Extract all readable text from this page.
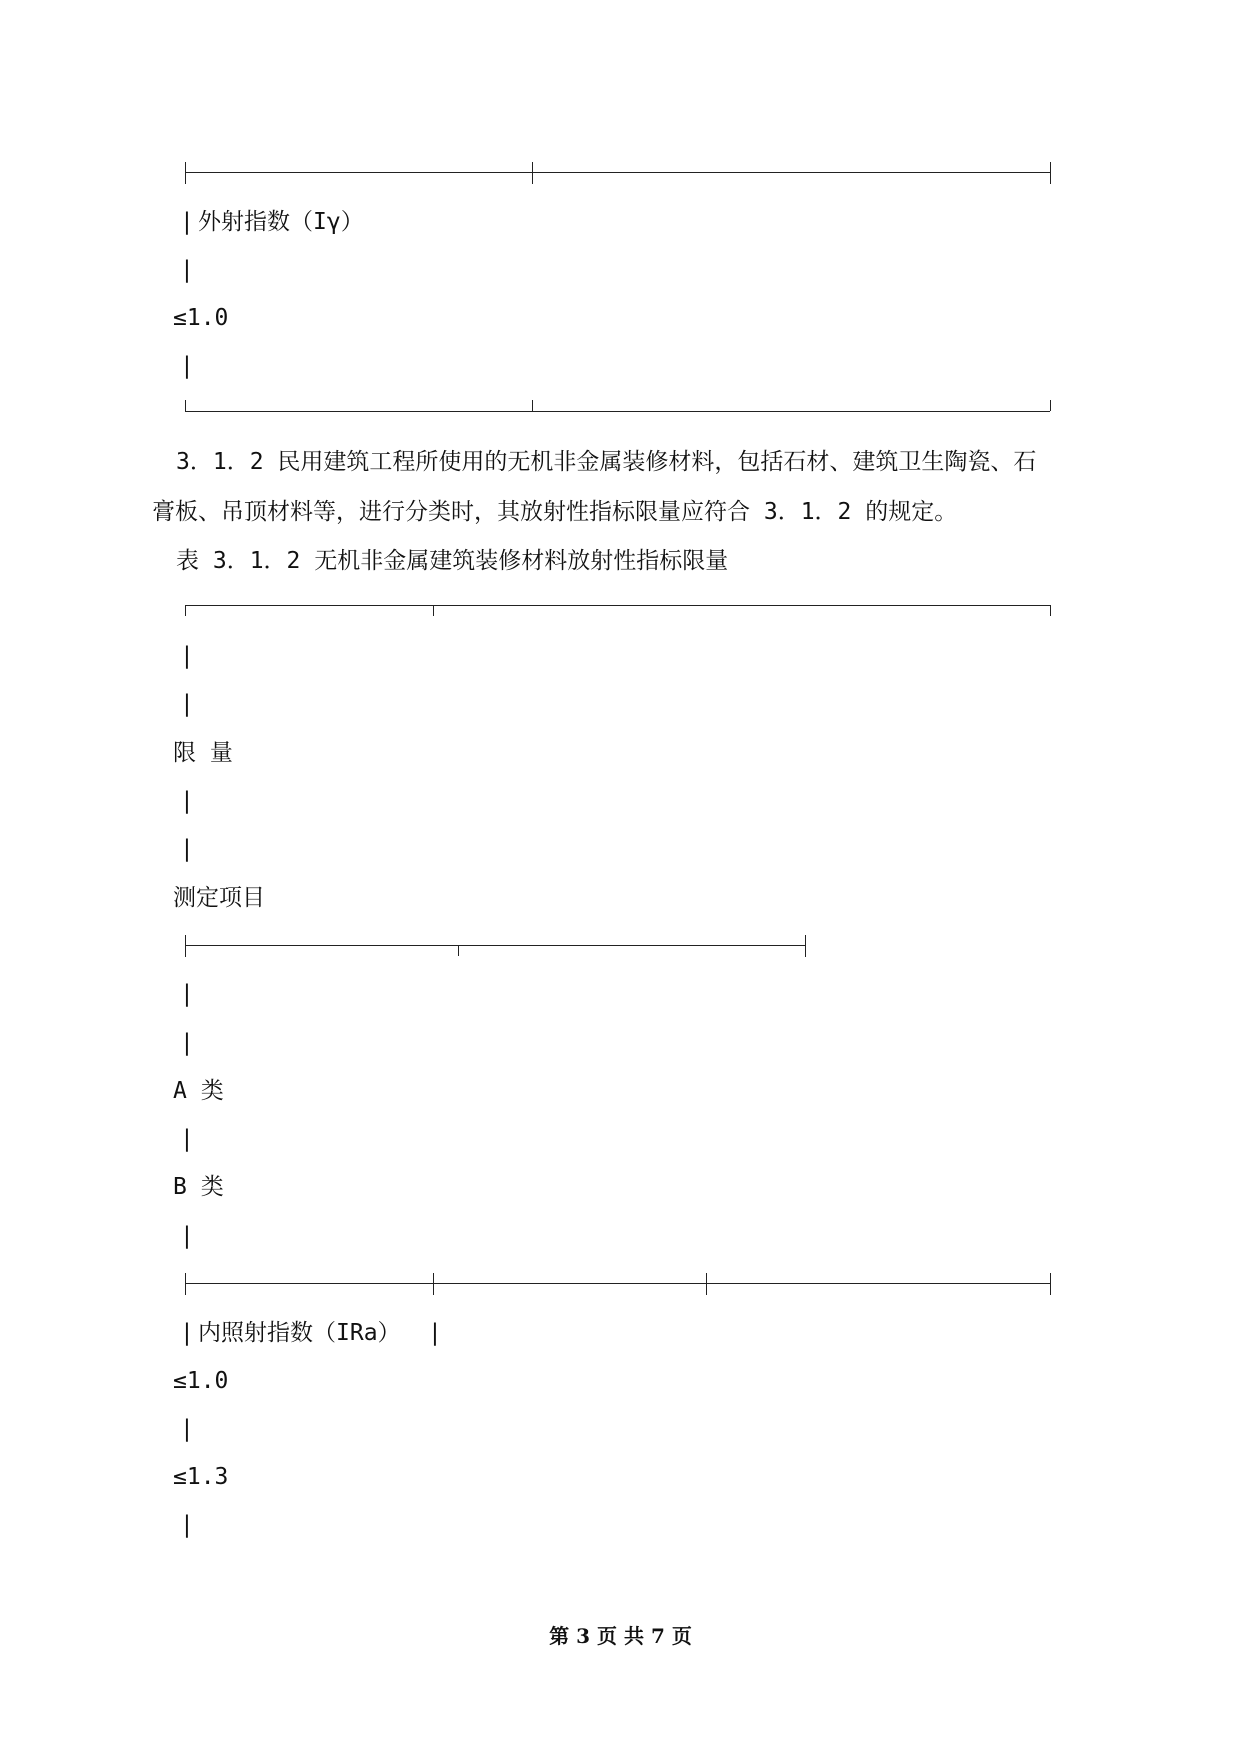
| 外射指数（Iγ）
|
≤1.0
|
3．1．2 民用建筑工程所使用的无机非金属装修材料，包括石材、建筑卫生陶瓷、石
膏板、吊顶材料等，进行分类时，其放射性指标限量应符合 3．1．2 的规定。
表 3．1．2 无机非金属建筑装修材料放射性指标限量
|
|
限 量
|
|
测定项目
|
|
A 类
|
B 类
|
| 内照射指数（IRa） |
≤1.0
|
≤1.3
|
第 3 页 共 7 页
